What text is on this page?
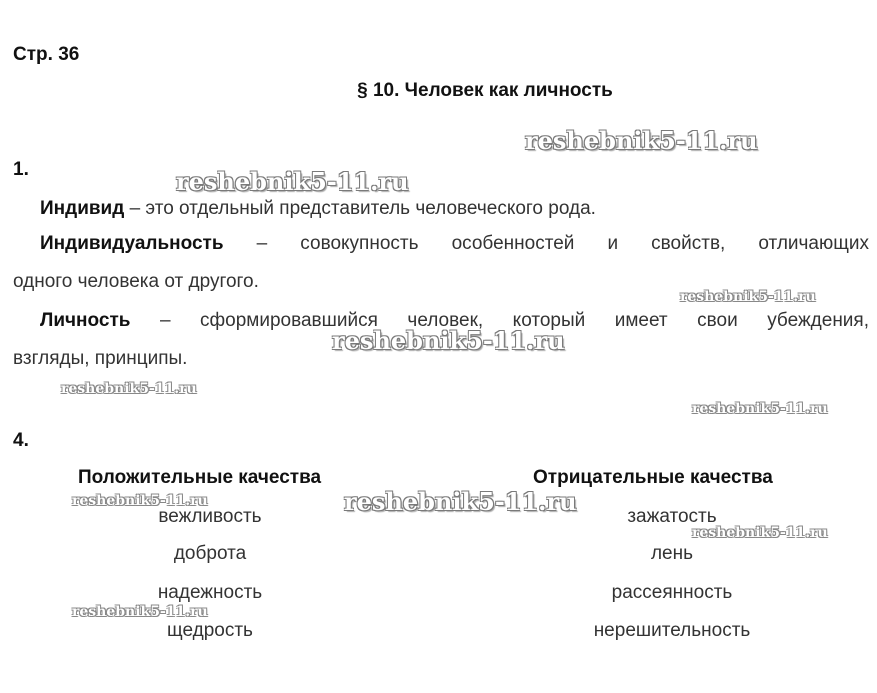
Стр. 36
§ 10. Человек как личность
1.
Индивид – это отдельный представитель человеческого рода.
Индивидуальность – совокупность особенностей и свойств, отличающих
одного человека от другого.
Личность – сформировавшийся человек, который имеет свои убеждения,
взгляды, принципы.
4.
Положительные качества	Отрицательные качества
вежливость
доброта
надежность
щедрость
зажатость
лень
рассеянность
нерешительность
reshebnik5-11.ru
reshebnik5-11.ru
reshebnik5-11.ru
reshebnik5-11.ru
reshebnik5-11.ru
reshebnik5-11.ru
reshebnik5-11.ru	reshebnik5-11.ru
reshebnik5-11.ru
reshebnik5-11.ru
